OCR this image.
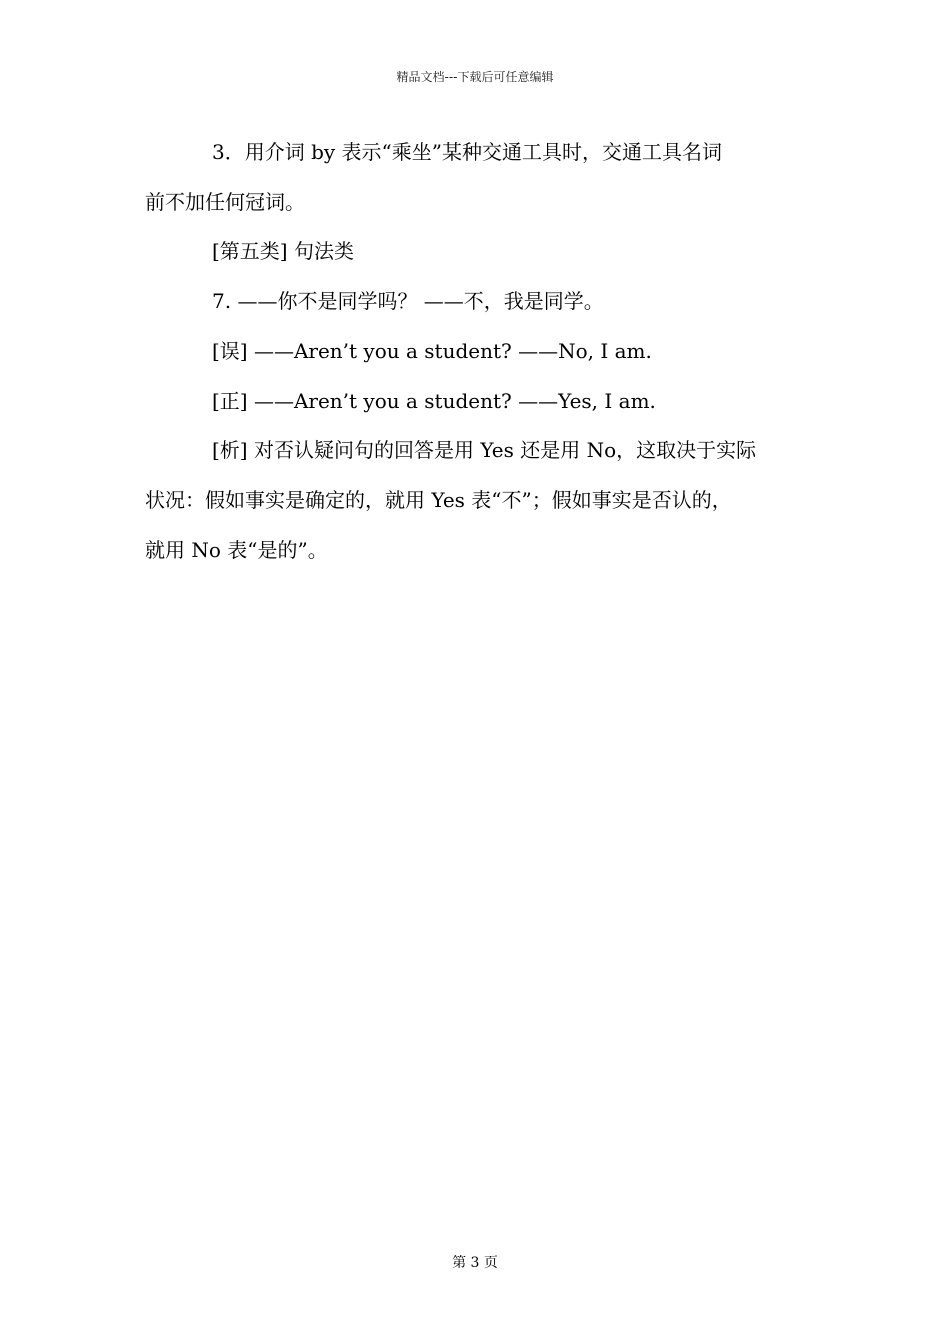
精品文档---下载后可任意编辑
3．用介词 by 表示“乘坐”某种交通工具时，交通工具名词
前不加任何冠词。
[第五类] 句法类
7. ——你不是同学吗？ ——不，我是同学。
[误] ——Aren’t you a student? ——No, I am.
[正] ——Aren’t you a student? ——Yes, I am.
[析] 对否认疑问句的回答是用 Yes 还是用 No，这取决于实际
状况：假如事实是确定的，就用 Yes 表“不”；假如事实是否认的，
就用 No 表“是的”。
第 3 页
